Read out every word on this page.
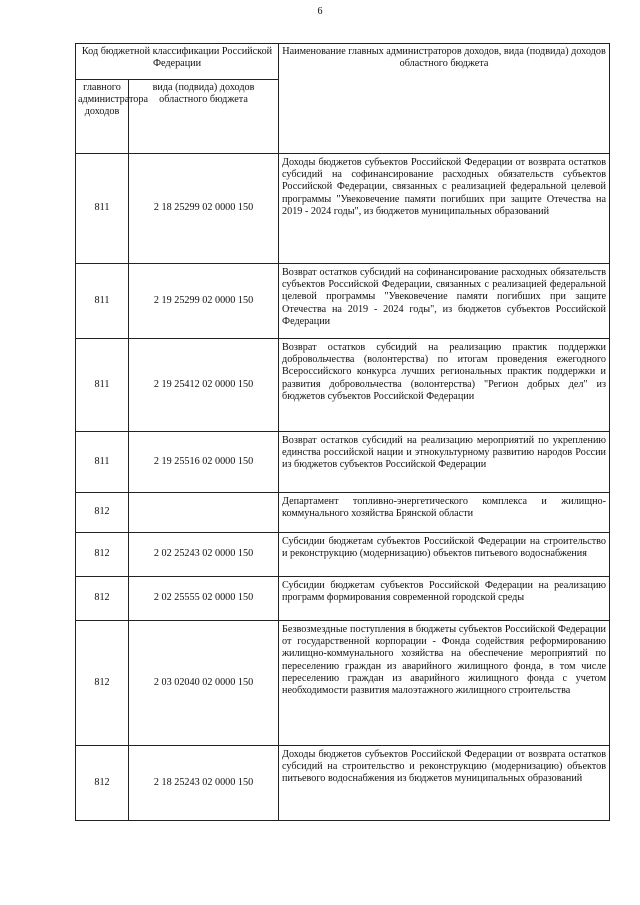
6
Код бюджетной классификации Российской Федерации		Наименование главных администраторов доходов, вида (подвида) доходов областного бюджета
главного администратора доходов	вида (подвида) доходов областного бюджета	
811	2 18 25299 02 0000 150	Доходы бюджетов субъектов Российской Федерации от возврата остатков субсидий на софинансирование расходных обязательств субъектов Российской Федерации, связанных с реализацией федеральной целевой программы "Увековечение памяти погибших при защите Отечества на 2019 - 2024 годы", из бюджетов муниципальных образований
811	2 19 25299 02 0000 150	Возврат остатков субсидий на софинансирование расходных обязательств субъектов Российской Федерации, связанных с реализацией федеральной целевой программы "Увековечение памяти погибших при защите Отечества на 2019 - 2024 годы", из бюджетов субъектов Российской Федерации
811	2 19 25412 02 0000 150	Возврат остатков субсидий на реализацию практик поддержки добровольчества (волонтерства) по итогам проведения ежегодного Всероссийского конкурса лучших региональных практик поддержки и развития добровольчества (волонтерства) "Регион добрых дел" из бюджетов субъектов Российской Федерации
811	2 19 25516 02 0000 150	Возврат остатков субсидий на реализацию мероприятий по укреплению единства российской нации и этнокультурному развитию народов России из бюджетов субъектов Российской Федерации
812		Департамент топливно-энергетического комплекса и жилищно-коммунального хозяйства Брянской области
812	2 02 25243 02 0000 150	Субсидии бюджетам субъектов Российской Федерации на строительство и реконструкцию (модернизацию) объектов питьевого водоснабжения
812	2 02 25555 02 0000 150	Субсидии бюджетам субъектов Российской Федерации на реализацию программ формирования современной городской среды
812	2 03 02040 02 0000 150	Безвозмездные поступления в бюджеты субъектов Российской Федерации от государственной корпорации - Фонда содействия реформированию жилищно-коммунального хозяйства на обеспечение мероприятий по переселению граждан из аварийного жилищного фонда, в том числе переселению граждан из аварийного жилищного фонда с учетом необходимости развития малоэтажного жилищного строительства
812	2 18 25243 02 0000 150	Доходы бюджетов субъектов Российской Федерации от возврата остатков субсидий на строительство и реконструкцию (модернизацию) объектов питьевого водоснабжения из бюджетов муниципальных образований
